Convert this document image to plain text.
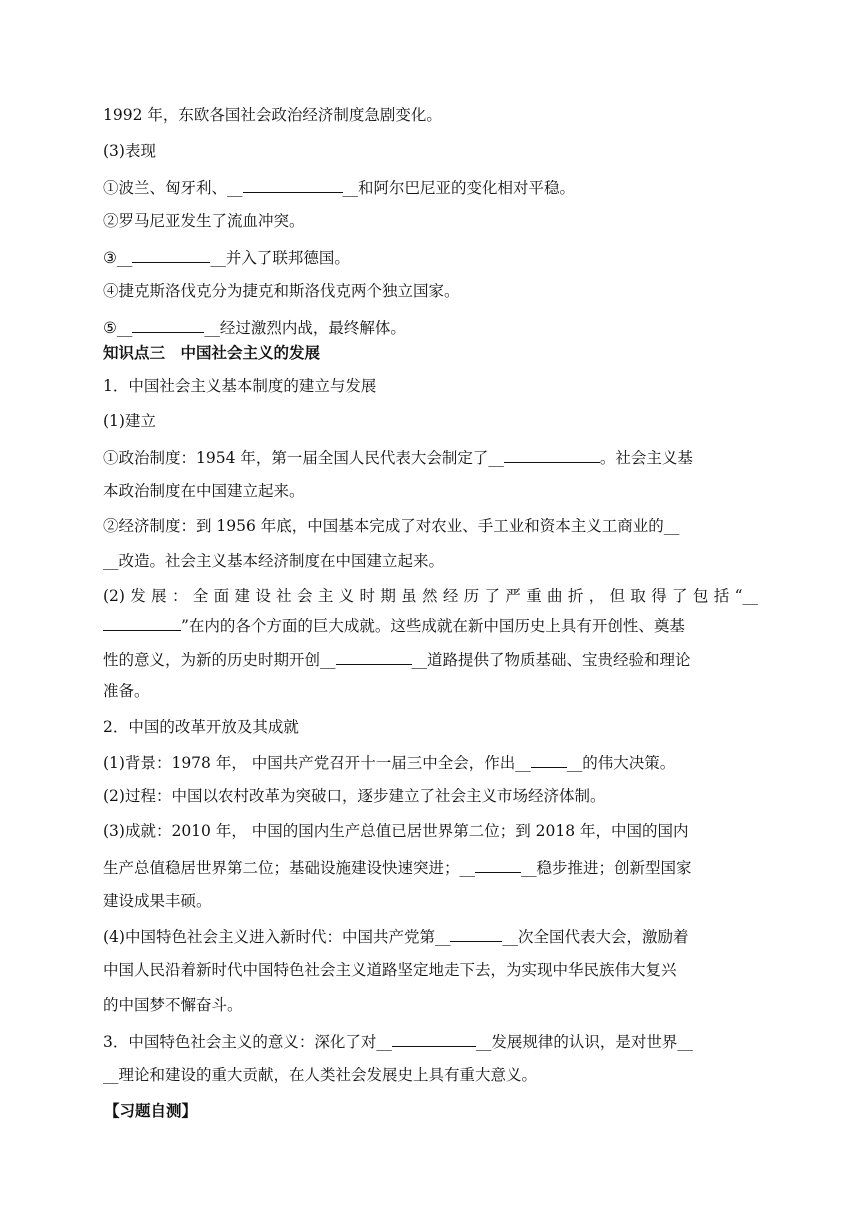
1992 年，东欧各国社会政治经济制度急剧变化。
(3)表现
①波兰、匈牙利、__	__和阿尔巴尼亚的变化相对平稳。
②罗马尼亚发生了流血冲突。
③__	__并入了联邦德国。
④捷克斯洛伐克分为捷克和斯洛伐克两个独立国家。
⑤__	__经过激烈内战，最终解体。
知识点三　中国社会主义的发展
1．中国社会主义基本制度的建立与发展
(1)建立
①政治制度：1954 年，第一届全国人民代表大会制定了__	。社会主义基
本政治制度在中国建立起来。
②经济制度：到 1956 年底，中国基本完成了对农业、手工业和资本主义工商业的__
__改造。社会主义基本经济制度在中国建立起来。
(2)发展：全面建设社会主义时期虽然经历了严重曲折，但取得了包括“__
”在内的各个方面的巨大成就。这些成就在新中国历史上具有开创性、奠基
性的意义，为新的历史时期开创__	__道路提供了物质基础、宝贵经验和理论
准备。
2．中国的改革开放及其成就
(1)背景：1978 年， 中国共产党召开十一届三中全会，作出__ __的伟大决策。
(2)过程：中国以农村改革为突破口，逐步建立了社会主义市场经济体制。
(3)成就：2010 年， 中国的国内生产总值已居世界第二位；到 2018 年，中国的国内
生产总值稳居世界第二位；基础设施建设快速突进；__	__稳步推进；创新型国家
建设成果丰硕。
(4)中国特色社会主义进入新时代：中国共产党第__	__次全国代表大会，激励着
中国人民沿着新时代中国特色社会主义道路坚定地走下去，为实现中华民族伟大复兴
的中国梦不懈奋斗。
3．中国特色社会主义的意义：深化了对__	__发展规律的认识，是对世界__
__理论和建设的重大贡献，在人类社会发展史上具有重大意义。
【习题自测】
